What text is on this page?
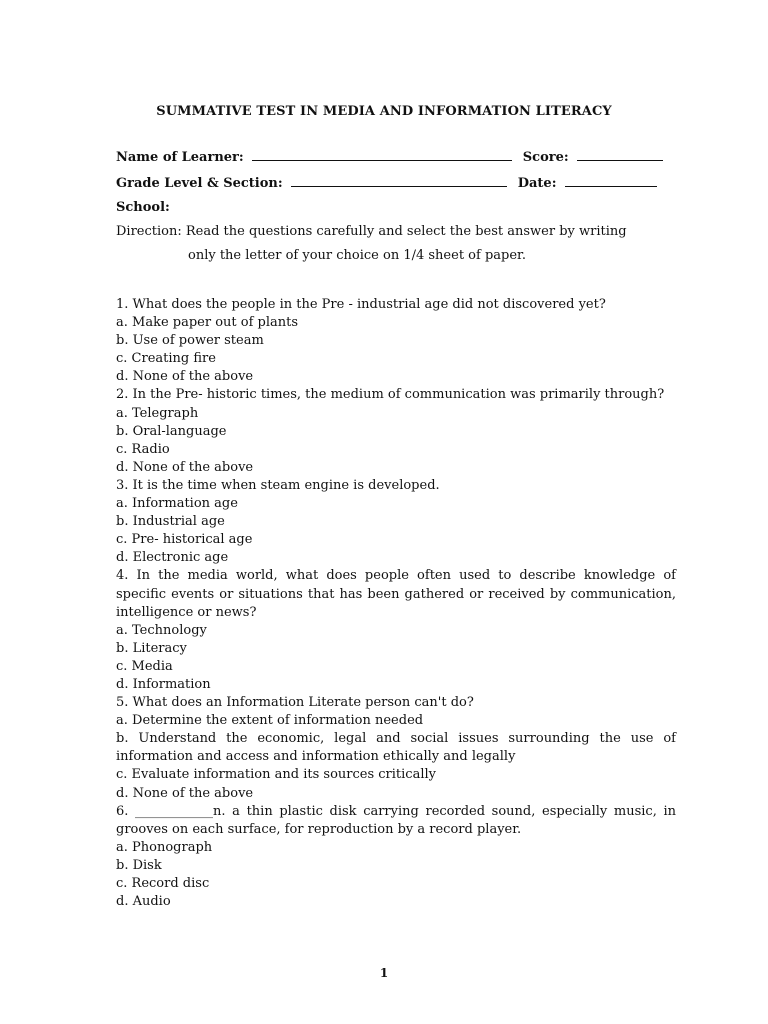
SUMMATIVE TEST IN MEDIA AND INFORMATION LITERACY
Name of Learner:	Score:
Grade Level & Section:	Date:
School:
Direction: Read the questions carefully and select the best answer by writing
only the letter of your choice on 1/4 sheet of paper.

1. What does the people in the Pre - industrial age did not discovered yet?

a. Make paper out of plants

b. Use of power steam

c. Creating fire

d. None of the above

2. In the Pre- historic times, the medium of communication was primarily through?

a. Telegraph

b. Oral-language

c. Radio

d. None of the above

3. It is the time when steam engine is developed.

a. Information age

b. Industrial age

c. Pre- historical age

d. Electronic age

4. In the media world, what does people often used to describe knowledge of specific events or situations that has been gathered or received by communication, intelligence or news?

a. Technology

b. Literacy

c. Media

d. Information

5. What does an Information Literate person can't do?

a. Determine the extent of information needed

b. Understand the economic, legal and social issues surrounding the use of information and access and information ethically and legally

c. Evaluate information and its sources critically

d. None of the above

6. ____________n. a thin plastic disk carrying recorded sound, especially music, in grooves on each surface, for reproduction by a record player.

a. Phonograph

b. Disk

c. Record disc

d. Audio

1
